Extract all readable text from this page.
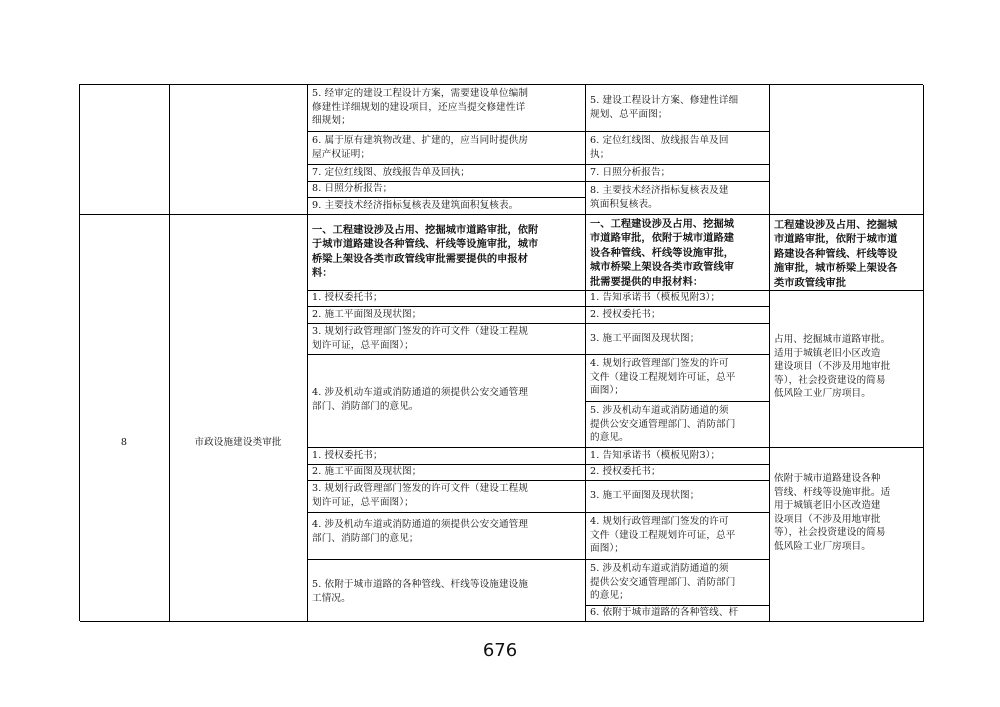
5. 经审定的建设工程设计方案，需要建设单位编制
修建性详细规划的建设项目，还应当提交修建性详
细规划；
6. 属于原有建筑物改建、扩建的，应当同时提供房
屋产权证明；
7. 定位红线图、放线报告单及回执；
8. 日照分析报告；
9. 主要技术经济指标复核表及建筑面积复核表。
5. 建设工程设计方案、修建性详细
规划、总平面图；
6. 定位红线图、放线报告单及回
执；
7. 日照分析报告；
8. 主要技术经济指标复核表及建
筑面积复核表。
8	市政设施建设类审批
一、工程建设涉及占用、挖掘城市道路审批，依附
于城市道路建设各种管线、杆线等设施审批，城市
桥梁上架设各类市政管线审批需要提供的申报材
料：
一、工程建设涉及占用、挖掘城
市道路审批，依附于城市道路建
设各种管线、杆线等设施审批，
城市桥梁上架设各类市政管线审
批需要提供的申报材料：
工程建设涉及占用、挖掘城
市道路审批，依附于城市道
路建设各种管线、杆线等设
施审批，城市桥梁上架设各
类市政管线审批
1. 授权委托书；
2. 施工平面图及现状图；
3. 规划行政管理部门签发的许可文件（建设工程规
划许可证，总平面图）；
4. 涉及机动车道或消防通道的须提供公安交通管理
部门、消防部门的意见。
1. 告知承诺书（模板见附3）；
2. 授权委托书；
3. 施工平面图及现状图；
4. 规划行政管理部门签发的许可
文件（建设工程规划许可证，总平
面图）；
5. 涉及机动车道或消防通道的须
提供公安交通管理部门、消防部门
的意见。
占用、挖掘城市道路审批。
适用于城镇老旧小区改造
建设项目（不涉及用地审批
等），社会投资建设的简易
低风险工业厂房项目。
1. 授权委托书；
2. 施工平面图及现状图；
3. 规划行政管理部门签发的许可文件（建设工程规
划许可证，总平面图）；
4. 涉及机动车道或消防通道的须提供公安交通管理
部门、消防部门的意见；
5. 依附于城市道路的各种管线、杆线等设施建设施
工情况。
1. 告知承诺书（模板见附3）；
2. 授权委托书；
3. 施工平面图及现状图；
4. 规划行政管理部门签发的许可
文件（建设工程规划许可证，总平
面图）；
5. 涉及机动车道或消防通道的须
提供公安交通管理部门、消防部门
的意见；
6. 依附于城市道路的各种管线、杆
依附于城市道路建设各种
管线、杆线等设施审批。适
用于城镇老旧小区改造建
设项目（不涉及用地审批
等），社会投资建设的简易
低风险工业厂房项目。
676
